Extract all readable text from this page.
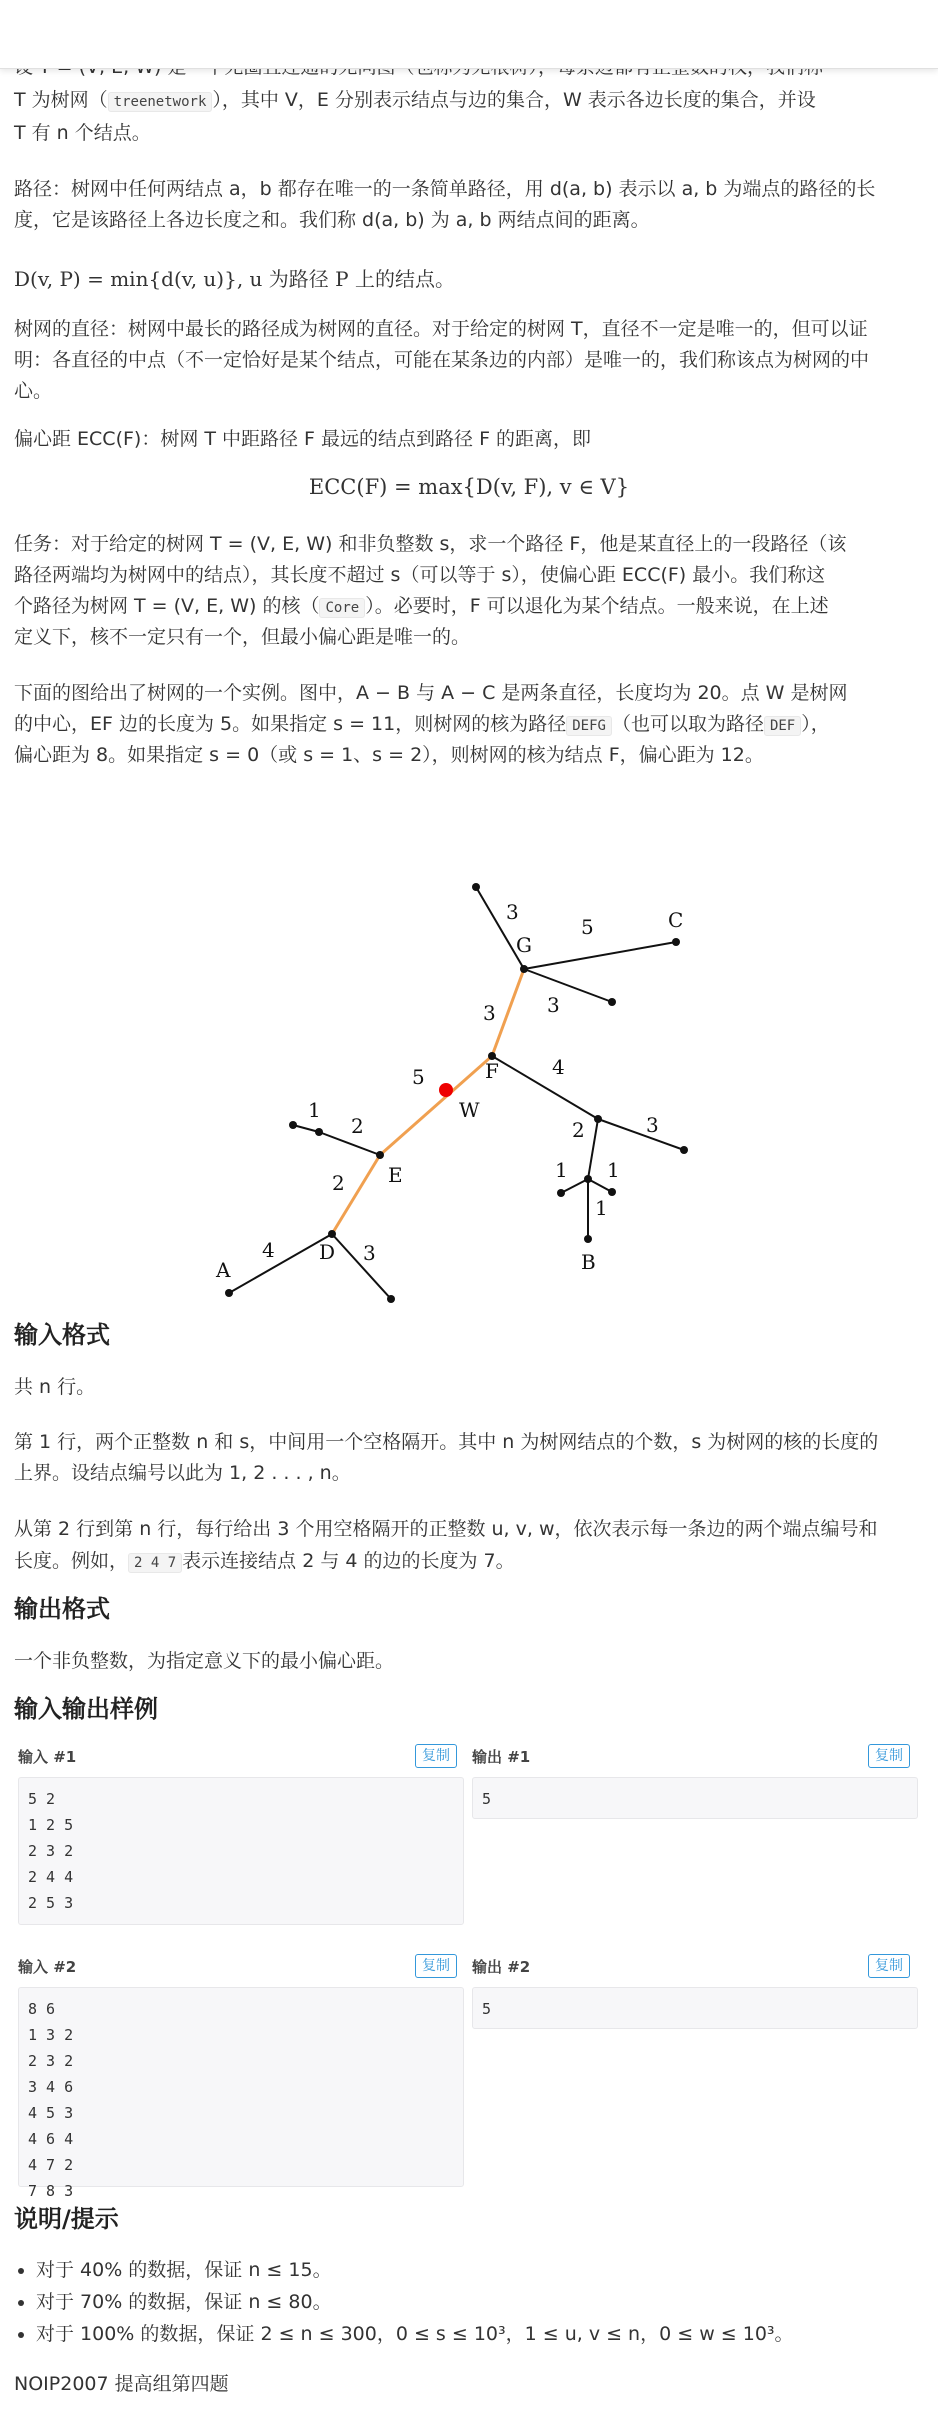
T 为树网（ treenetwork ），其中 V，E 分别表示结点与边的集合，W 表示各边长度的集合，并设

T 有 n 个结点。

路径：树网中任何两结点 a，b 都存在唯一的一条简单路径，用 d(a, b) 表示以 a, b 为端点的路径的长

度，它是该路径上各边长度之和。我们称 d(a, b) 为 a, b 两结点间的距离。

D(v, P) = min{d(v, u)}, u 为路径 P 上的结点。

树网的直径：树网中最长的路径成为树网的直径。对于给定的树网 T，直径不一定是唯一的，但可以证

明：各直径的中点（不一定恰好是某个结点，可能在某条边的内部）是唯一的，我们称该点为树网的中

心。

偏心距 ECC(F)：树网 T 中距路径 F 最远的结点到路径 F 的距离，即

ECC(F) = max{D(v, F), v ∈ V}

任务：对于给定的树网 T = (V, E, W) 和非负整数 s，求一个路径 F，他是某直径上的一段路径（该

路径两端均为树网中的结点），其长度不超过 s（可以等于 s），使偏心距 ECC(F) 最小。我们称这

个路径为树网 T = (V, E, W) 的核（ Core ）。必要时，F 可以退化为某个结点。一般来说，在上述

定义下，核不一定只有一个，但最小偏心距是唯一的。

下面的图给出了树网的一个实例。图中，A − B 与 A − C 是两条直径，长度均为 20。点 W 是树网

的中心，EF 边的长度为 5。如果指定 s = 11，则树网的核为路径 DEFG （也可以取为路径 DEF ），

偏心距为 8。如果指定 s = 0（或 s = 1、s = 2），则树网的核为结点 F，偏心距为 12。

3
5
3	3
4
5
3
2
1
2
1 1
1
2
4	3
A	B
C
D
E
F
G
W
输入格式

共 n 行。

第 1 行，两个正整数 n 和 s，中间用一个空格隔开。其中 n 为树网结点的个数，s 为树网的核的长度的

上界。设结点编号以此为 1, 2 . . . , n。

从第 2 行到第 n 行，每行给出 3 个用空格隔开的正整数 u, v, w，依次表示每一条边的两个端点编号和

长度。例如， 2 4 7 表示连接结点 2 与 4 的边的长度为 7。

输出格式

一个非负整数，为指定意义下的最小偏心距。

输入输出样例
输入 #1	复制
5 2
1 2 5
2 3 2
2 4 4
2 5 3
输出 #1	复制
5
输入 #2	复制
8 6
1 3 2
2 3 2
3 4 6
4 5 3
4 6 4
4 7 2
7 8 3
输出 #2	复制
5
说明/提示
• 对于 40% 的数据，保证 n ≤ 15。
• 对于 70% 的数据，保证 n ≤ 80。
• 对于 100% 的数据，保证 2 ≤ n ≤ 300，0 ≤ s ≤ 10³，1 ≤ u, v ≤ n，0 ≤ w ≤ 10³。

NOIP2007 提高组第四题
